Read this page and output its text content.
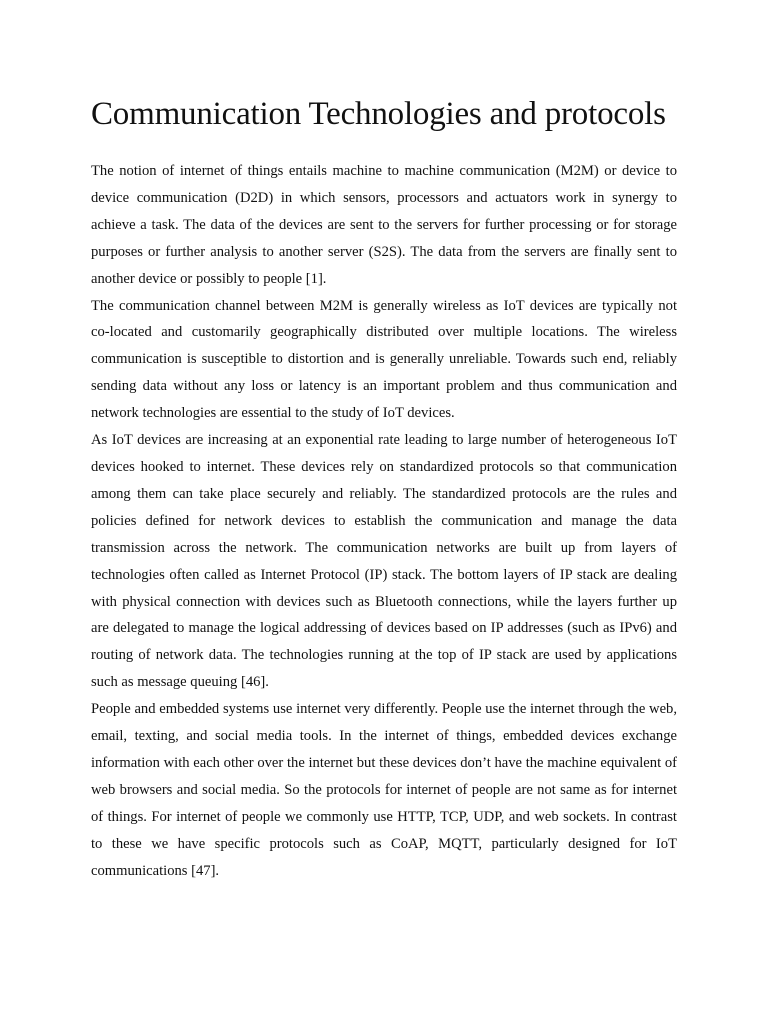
Communication Technologies and protocols

The notion of internet of things entails machine to machine communication (M2M) or device to device communication (D2D) in which sensors, processors and actuators work in synergy to achieve a task. The data of the devices are sent to the servers for further processing or for storage purposes or further analysis to another server (S2S). The data from the servers are finally sent to another device or possibly to people [1].

The communication channel between M2M is generally wireless as IoT devices are typically not co-located and customarily geographically distributed over multiple locations. The wireless communication is susceptible to distortion and is generally unreliable. Towards such end, reliably sending data without any loss or latency is an important problem and thus communication and network technologies are essential to the study of IoT devices.

As IoT devices are increasing at an exponential rate leading to large number of heterogeneous IoT devices hooked to internet. These devices rely on standardized protocols so that communication among them can take place securely and reliably. The standardized protocols are the rules and policies defined for network devices to establish the communication and manage the data transmission across the network. The communication networks are built up from layers of technologies often called as Internet Protocol (IP) stack. The bottom layers of IP stack are dealing with physical connection with devices such as Bluetooth connections, while the layers further up are delegated to manage the logical addressing of devices based on IP addresses (such as IPv6) and routing of network data. The technologies running at the top of IP stack are used by applications such as message queuing [46].

People and embedded systems use internet very differently. People use the internet through the web, email, texting, and social media tools. In the internet of things, embedded devices exchange information with each other over the internet but these devices don’t have the machine equivalent of web browsers and social media. So the protocols for internet of people are not same as for internet of things. For internet of people we commonly use HTTP, TCP, UDP, and web sockets. In contrast to these we have specific protocols such as CoAP, MQTT, particularly designed for IoT communications [47].
